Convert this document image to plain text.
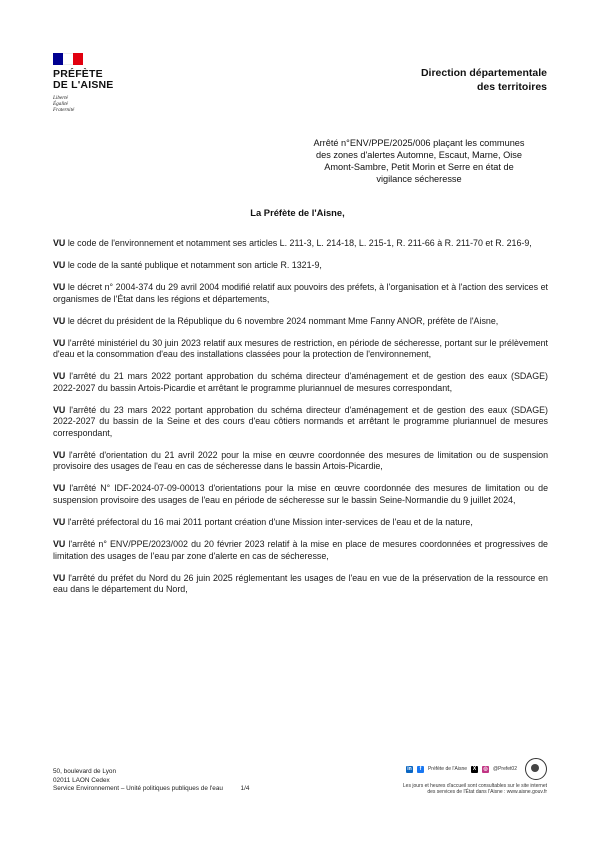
PRÉFÈTE
DE L'AISNE
Liberté
Égalité
Fraternité
Direction départementale
des territoires
Arrêté n°ENV/PPE/2025/006 plaçant les communes
des zones d'alertes Automne, Escaut, Marne, Oise
Amont-Sambre, Petit Morin et Serre en état de
vigilance sécheresse
La Préfète de l'Aisne,

VU le code de l'environnement et notamment ses articles L. 211-3, L. 214-18, L. 215-1, R. 211-66 à R. 211-70 et R. 216-9,

VU le code de la santé publique et notamment son article R. 1321-9,

VU le décret n° 2004-374 du 29 avril 2004 modifié relatif aux pouvoirs des préfets, à l'organisation et à l'action des services et organismes de l'État dans les régions et départements,

VU le décret du président de la République du 6 novembre 2024 nommant Mme Fanny ANOR, préfète de l'Aisne,

VU l'arrêté ministériel du 30 juin 2023 relatif aux mesures de restriction, en période de sécheresse, portant sur le prélèvement d'eau et la consommation d'eau des installations classées pour la protection de l'environnement,

VU l'arrêté du 21 mars 2022 portant approbation du schéma directeur d'aménagement et de gestion des eaux (SDAGE) 2022-2027 du bassin Artois-Picardie et arrêtant le programme pluriannuel de mesures correspondant,

VU l'arrêté du 23 mars 2022 portant approbation du schéma directeur d'aménagement et de gestion des eaux (SDAGE) 2022-2027 du bassin de la Seine et des cours d'eau côtiers normands et arrêtant le programme pluriannuel de mesures correspondant,

VU l'arrêté d'orientation du 21 avril 2022 pour la mise en œuvre coordonnée des mesures de limitation ou de suspension provisoire des usages de l'eau en cas de sécheresse dans le bassin Artois-Picardie,

VU l'arrêté N° IDF-2024-07-09-00013 d'orientations pour la mise en œuvre coordonnée des mesures de limitation ou de suspension provisoire des usages de l'eau en période de sécheresse sur le bassin Seine-Normandie du 9 juillet 2024,

VU l'arrêté préfectoral du 16 mai 2011 portant création d'une Mission inter-services de l'eau et de la nature,

VU l'arrêté n° ENV/PPE/2023/002 du 20 février 2023 relatif à la mise en place de mesures coordonnées et progressives de limitation des usages de l'eau par zone d'alerte en cas de sécheresse,

VU l'arrêté du préfet du Nord du 26 juin 2025 réglementant les usages de l'eau en vue de la préservation de la ressource en eau dans le département du Nord,

50, boulevard de Lyon
02011 LAON Cedex
Service Environnement – Unité politiques publiques de l'eau	1/4
in	f	Préfète de l'Aisne	X	◎ @Prefet02
Les jours et heures d'accueil sont consultables sur le site internet
des services de l'État dans l'Aisne : www.aisne.gouv.fr
